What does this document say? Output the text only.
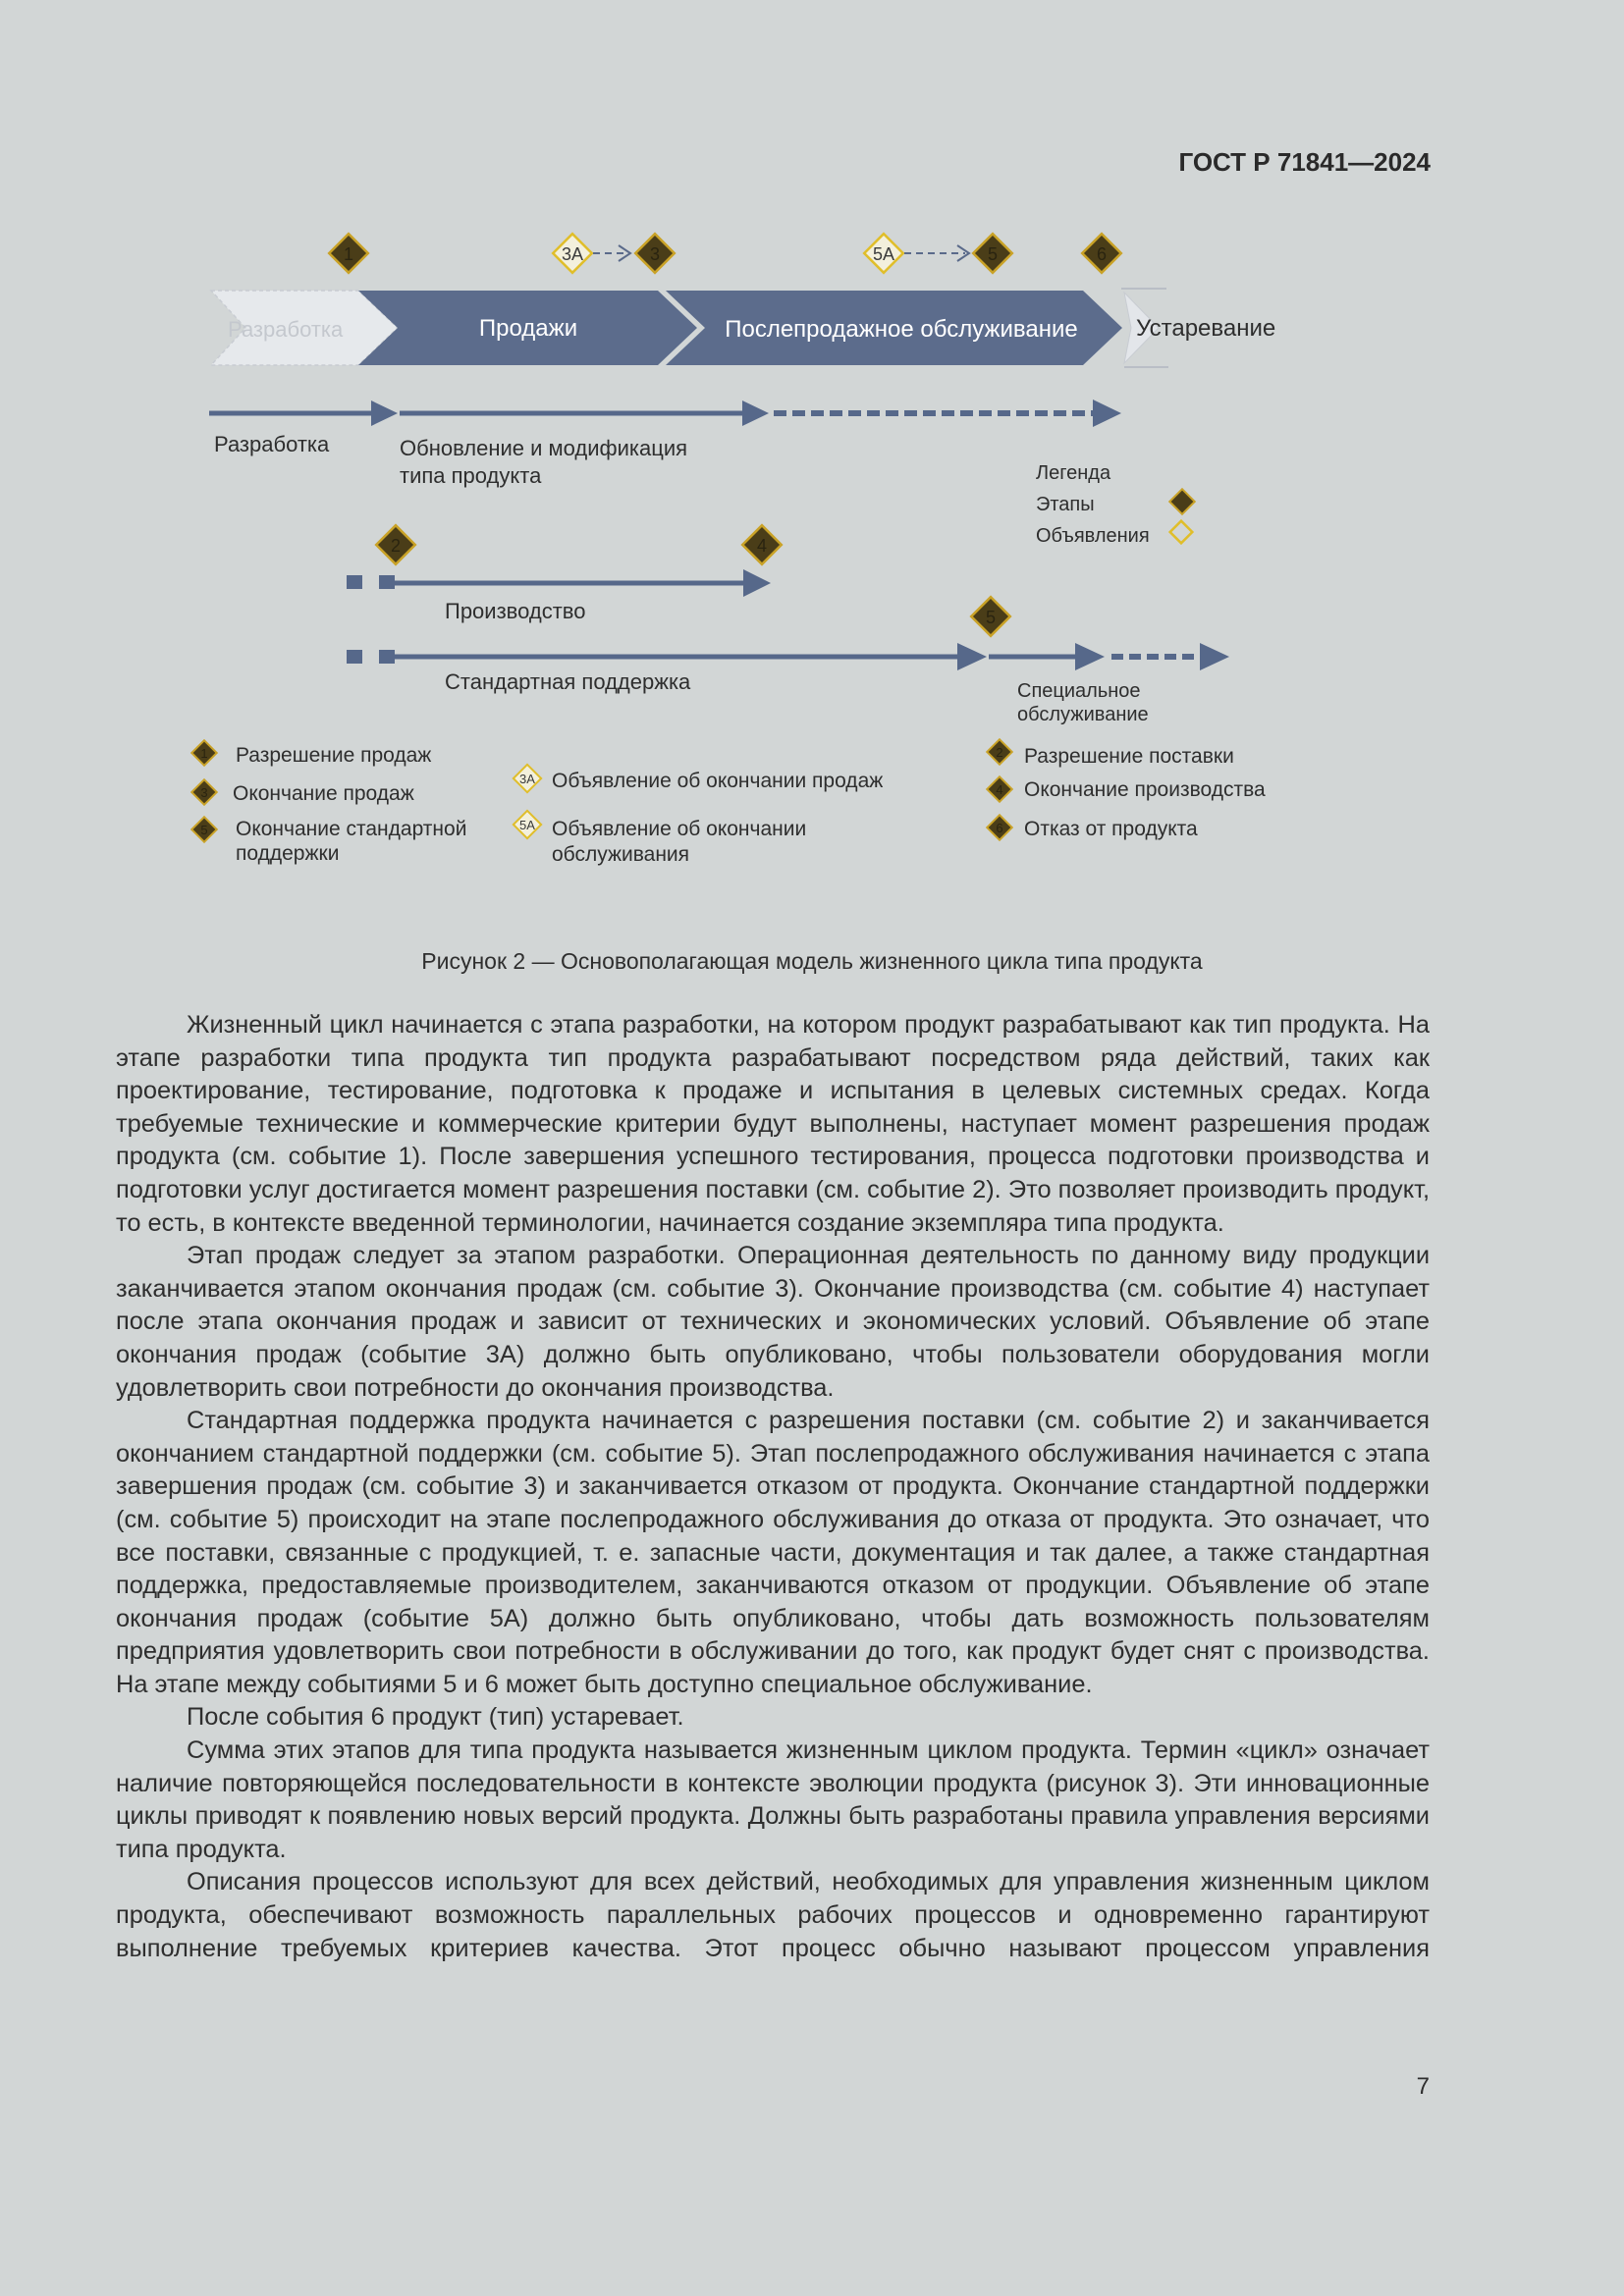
ГОСТ Р 71841—2024
Разработка	Продажи	Послепродажное обслуживание Устаревание
1	3A	3	5A	5	6
Разработка	Обновление и модификация
типа продукта	Легенда
Этапы
Объявления
2	4
Производство	5
Стандартная поддержка	Специальное
обслуживание
1 Разрешение продаж
3 Окончание продаж
5 Окончание стандартной
поддержки
3A Объявление об окончании продаж
5A Объявление об окончании
обслуживания
2 Разрешение поставки
4 Окончание производства
6 Отказ от продукта
Рисунок 2 — Основополагающая модель жизненного цикла типа продукта

Жизненный цикл начинается с этапа разработки, на котором продукт разрабатывают как тип продукта. На этапе разработки типа продукта тип продукта разрабатывают посредством ряда действий, таких как проектирование, тестирование, подготовка к продаже и испытания в целевых системных средах. Когда требуемые технические и коммерческие критерии будут выполнены, наступает момент разрешения продаж продукта (см. событие 1). После завершения успешного тестирования, процесса подготовки производства и подготовки услуг достигается момент разрешения поставки (см. событие 2). Это позволяет производить продукт, то есть, в контексте введенной терминологии, начинается создание экземпляра типа продукта.

Этап продаж следует за этапом разработки. Операционная деятельность по данному виду продукции заканчивается этапом окончания продаж (см. событие 3). Окончание производства (см. событие 4) наступает после этапа окончания продаж и зависит от технических и экономических условий. Объявление об этапе окончания продаж (событие 3А) должно быть опубликовано, чтобы пользователи оборудования могли удовлетворить свои потребности до окончания производства.

Стандартная поддержка продукта начинается с разрешения поставки (см. событие 2) и заканчивается окончанием стандартной поддержки (см. событие 5). Этап послепродажного обслуживания начинается с этапа завершения продаж (см. событие 3) и заканчивается отказом от продукта. Окончание стандартной поддержки (см. событие 5) происходит на этапе послепродажного обслуживания до отказа от продукта. Это означает, что все поставки, связанные с продукцией, т. е. запасные части, документация и так далее, а также стандартная поддержка, предоставляемые производителем, заканчиваются отказом от продукции. Объявление об этапе окончания продаж (событие 5А) должно быть опубликовано, чтобы дать возможность пользователям предприятия удовлетворить свои потребности в обслуживании до того, как продукт будет снят с производства. На этапе между событиями 5 и 6 может быть доступно специальное обслуживание.

После события 6 продукт (тип) устаревает.

Сумма этих этапов для типа продукта называется жизненным циклом продукта. Термин «цикл» означает наличие повторяющейся последовательности в контексте эволюции продукта (рисунок 3). Эти инновационные циклы приводят к появлению новых версий продукта. Должны быть разработаны правила управления версиями типа продукта.

Описания процессов используют для всех действий, необходимых для управления жизненным циклом продукта, обеспечивают возможность параллельных рабочих процессов и одновременно гарантируют выполнение требуемых критериев качества. Этот процесс обычно называют процессом управления

7
